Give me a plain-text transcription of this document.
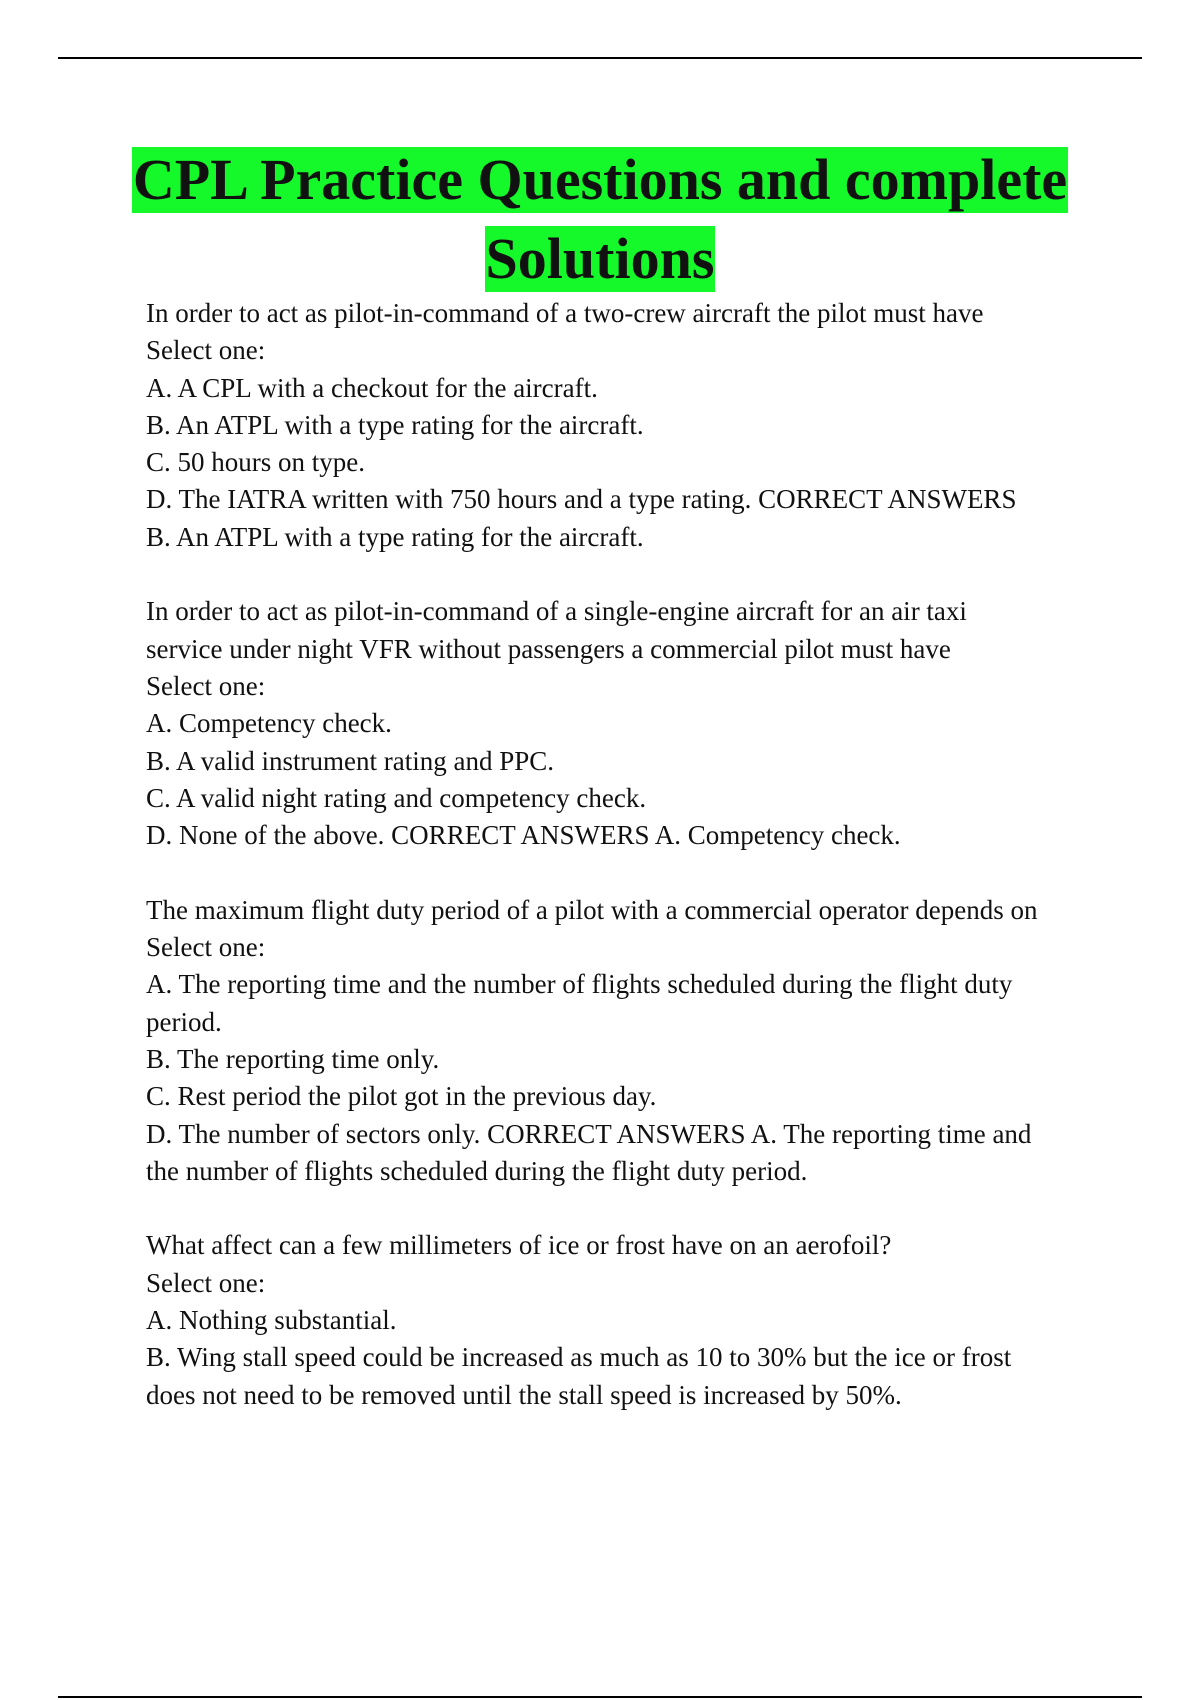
CPL Practice Questions and complete
Solutions
In order to act as pilot-in-command of a two-crew aircraft the pilot must have
Select one:
A. A CPL with a checkout for the aircraft.
B. An ATPL with a type rating for the aircraft.
C. 50 hours on type.
D. The IATRA written with 750 hours and a type rating. CORRECT ANSWERS
B. An ATPL with a type rating for the aircraft.
In order to act as pilot-in-command of a single-engine aircraft for an air taxi
service under night VFR without passengers a commercial pilot must have
Select one:
A. Competency check.
B. A valid instrument rating and PPC.
C. A valid night rating and competency check.
D. None of the above. CORRECT ANSWERS A. Competency check.
The maximum flight duty period of a pilot with a commercial operator depends on
Select one:
A. The reporting time and the number of flights scheduled during the flight duty
period.
B. The reporting time only.
C. Rest period the pilot got in the previous day.
D. The number of sectors only. CORRECT ANSWERS A. The reporting time and
the number of flights scheduled during the flight duty period.
What affect can a few millimeters of ice or frost have on an aerofoil?
Select one:
A. Nothing substantial.
B. Wing stall speed could be increased as much as 10 to 30% but the ice or frost
does not need to be removed until the stall speed is increased by 50%.
